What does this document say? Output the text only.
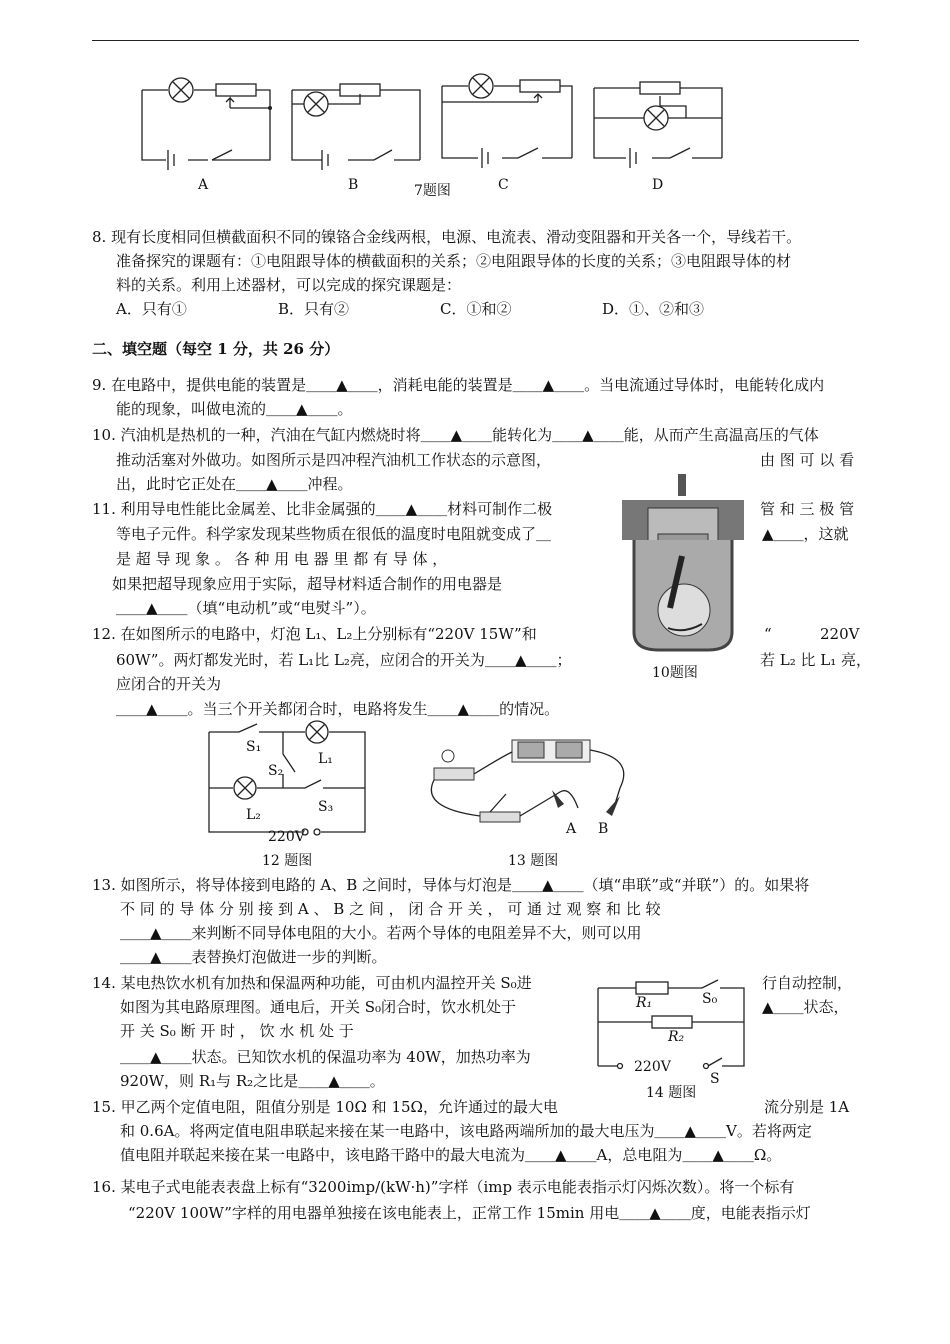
A	B	C	D
7题图
8. 现有长度相同但横截面积不同的镍铬合金线两根，电源、电流表、滑动变阻器和开关各一个，导线若干。
准备探究的课题有：①电阻跟导体的横截面积的关系；②电阻跟导体的长度的关系；③电阻跟导体的材
料的关系。利用上述器材，可以完成的探究课题是：
A．只有①	B．只有②	C．①和②	D．①、②和③
二、填空题（每空 1 分，共 26 分）
9. 在电路中，提供电能的装置是＿＿▲＿＿，消耗电能的装置是＿＿▲＿＿。当电流通过导体时，电能转化成内
能的现象，叫做电流的＿＿▲＿＿。
10. 汽油机是热机的一种，汽油在气缸内燃烧时将＿＿▲＿＿能转化为＿＿▲＿＿能，从而产生高温高压的气体
推动活塞对外做功。如图所示是四冲程汽油机工作状态的示意图，	由 图 可 以 看
出，此时它正处在＿＿▲＿＿冲程。
10题图
11. 利用导电性能比金属差、比非金属强的＿＿▲＿＿材料可制作二极	管 和 三 极 管
等电子元件。科学家发现某些物质在很低的温度时电阻就变成了＿	▲＿＿，这就
是 超 导 现 象 。 各 种 用 电 器 里 都 有 导 体 ，
如果把超导现象应用于实际，超导材料适合制作的用电器是
＿＿▲＿＿（填“电动机”或“电熨斗”）。
12. 在如图所示的电路中，灯泡 L₁、L₂上分别标有“220V 15W”和	“	220V
60W”。两灯都发光时，若 L₁比 L₂亮，应闭合的开关为＿＿▲＿＿；	若 L₂ 比 L₁ 亮，
应闭合的开关为
＿＿▲＿＿。当三个开关都闭合时，电路将发生＿＿▲＿＿的情况。
S₁
L₁
S₂
S₃
L₂
220V
12 题图
A B
13 题图
13. 如图所示，将导体接到电路的 A、B 之间时，导体与灯泡是＿＿▲＿＿（填“串联”或“并联”）的。如果将
不 同 的 导 体 分 别 接 到 A 、 B 之 间 ， 闭 合 开 关 ， 可 通 过 观 察 和 比 较
＿＿▲＿＿来判断不同导体电阻的大小。若两个导体的电阻差异不大，则可以用
＿＿▲＿＿表替换灯泡做进一步的判断。
14. 某电热饮水机有加热和保温两种功能，可由机内温控开关 S₀进	行自动控制，
如图为其电路原理图。通电后，开关 S₀闭合时，饮水机处于	▲＿＿状态，
开 关 S₀ 断 开 时 ， 饮 水 机 处 于
＿＿▲＿＿状态。已知饮水机的保温功率为 40W，加热功率为
920W，则 R₁与 R₂之比是＿＿▲＿＿。
R₁	S₀
R₂
220V
S
14 题图
15. 甲乙两个定值电阻，阻值分别是 10Ω 和 15Ω，允许通过的最大电	流分别是 1A
和 0.6A。将两定值电阻串联起来接在某一电路中，该电路两端所加的最大电压为＿＿▲＿＿V。若将两定
值电阻并联起来接在某一电路中，该电路干路中的最大电流为＿＿▲＿＿A，总电阻为＿＿▲＿＿Ω。
16. 某电子式电能表表盘上标有“3200imp/(kW·h)”字样（imp 表示电能表指示灯闪烁次数）。将一个标有
“220V 100W”字样的用电器单独接在该电能表上，正常工作 15min 用电＿＿▲＿＿度，电能表指示灯
